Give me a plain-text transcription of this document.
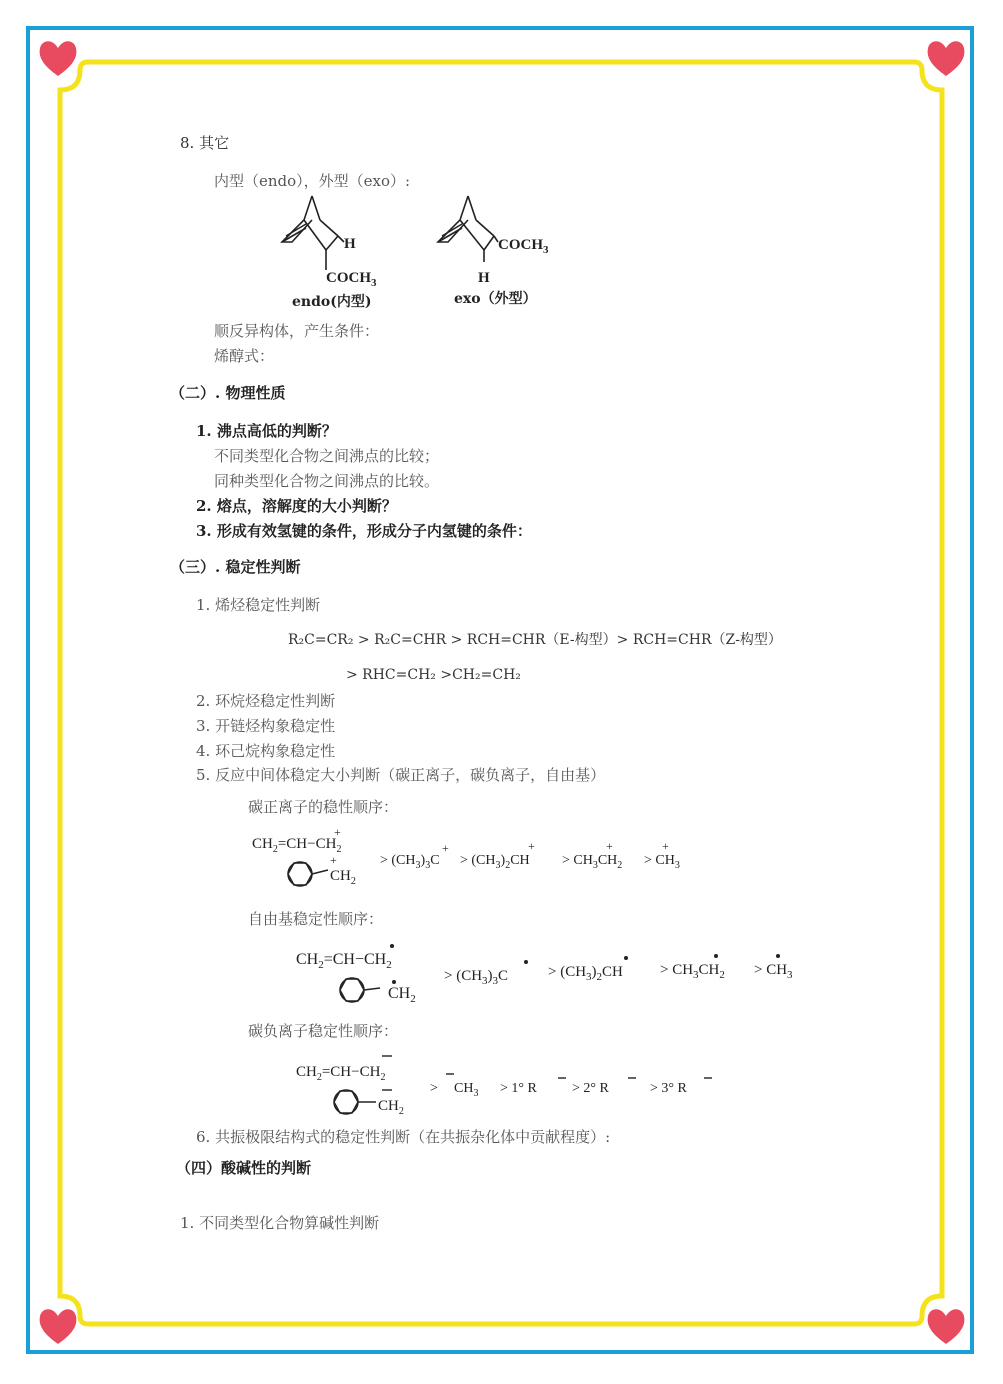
8. 其它
内型（endo），外型（exo）:
H
$COCH_3$
endo(内型)
$COCH_3$
H
exo（外型）
顺反异构体，产生条件：
烯醇式：
（二）. 物理性质
1. 沸点高低的判断？
不同类型化合物之间沸点的比较；
同种类型化合物之间沸点的比较。
2. 熔点，溶解度的大小判断？
3. 形成有效氢键的条件，形成分子内氢键的条件：
（三）. 稳定性判断
1. 烯烃稳定性判断
R₂C=CR₂ > R₂C=CHR > RCH=CHR（E-构型）> RCH=CHR（Z-构型）
> RHC=CH₂ >CH₂=CH₂
2. 环烷烃稳定性判断
3. 开链烃构象稳定性
4. 环己烷构象稳定性
5. 反应中间体稳定大小判断（碳正离子，碳负离子，自由基）
碳正离子的稳性顺序：
$CH_2=CH-CH_2$
+
$CH_2$
+	> $(CH_3)_3C$
+
> $(CH_3)_2CH$
+
> $CH_3CH_2$
+
> $CH_3$
+
自由基稳定性顺序：
$CH_2=CH-CH_2$
$CH_2$
> $(CH_3)_3C$	> $(CH_3)_2CH > CH_3CH_2 > CH_3$
碳负离子稳定性顺序：
$CH_2=CH-CH_2$
$CH_2$
> $CH_3 > 1^\circ$ R	> 2° R	> 3° R
6. 共振极限结构式的稳定性判断（在共振杂化体中贡献程度）:
（四）酸碱性的判断
1. 不同类型化合物算碱性判断
